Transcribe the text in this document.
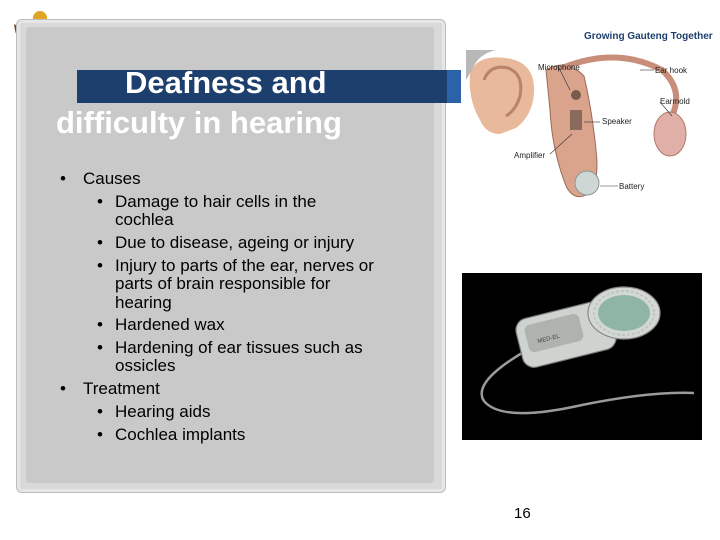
Growing Gauteng Together
Deafness and
difficulty in hearing
• Causes
• Damage to hair cells in the
cochlea
• Due to disease, ageing or injury
• Injury to parts of the ear, nerves or
parts of brain responsible for
hearing
• Hardened wax
• Hardening of ear tissues such as
ossicles
• Treatment
• Hearing aids
• Cochlea implants
Microphone	Ear hook
Earmold
Speaker
Amplifier
Battery
MED-EL
16
